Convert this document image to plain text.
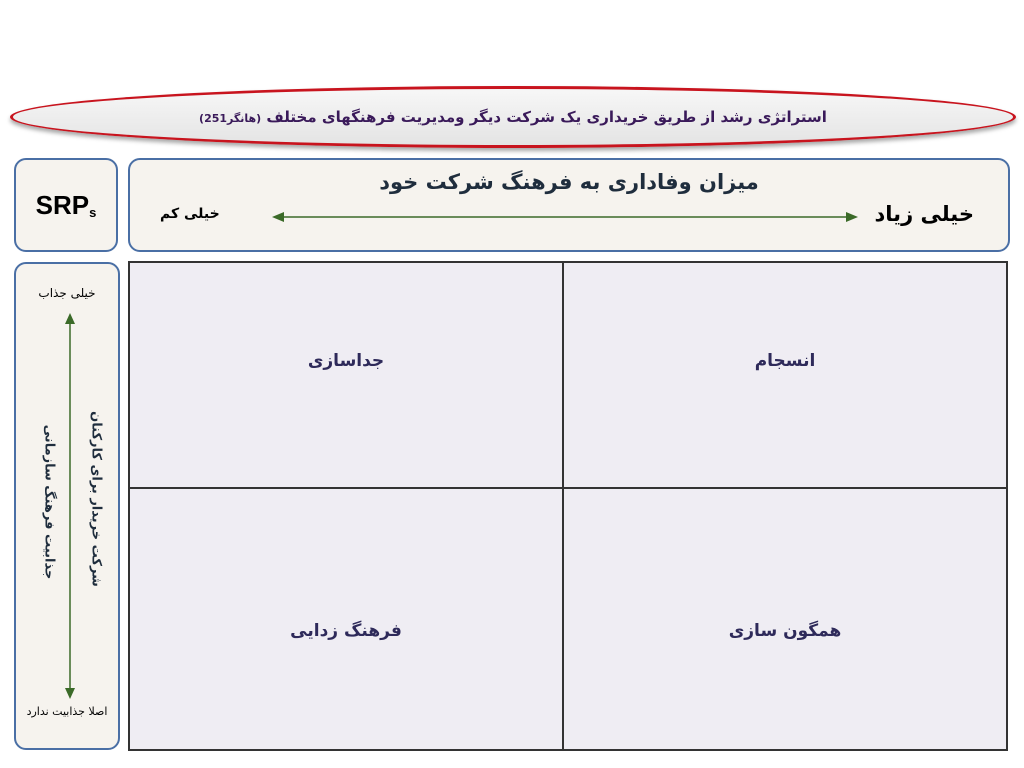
استراتژی رشد از طریق خریداری یک شرکت دیگر ومدیریت فرهنگهای مختلف (هانگر251)
SRPs
میزان وفاداری به فرهنگ شرکت خود
خیلی زیاد
خیلی کم
خیلی جذاب
جذابیت فرهنگ سازمانی شرکت خریدار برای کارکنان
اصلا جذابیت ندارد
جداسازی	انسجام
فرهنگ زدایی	همگون سازی
